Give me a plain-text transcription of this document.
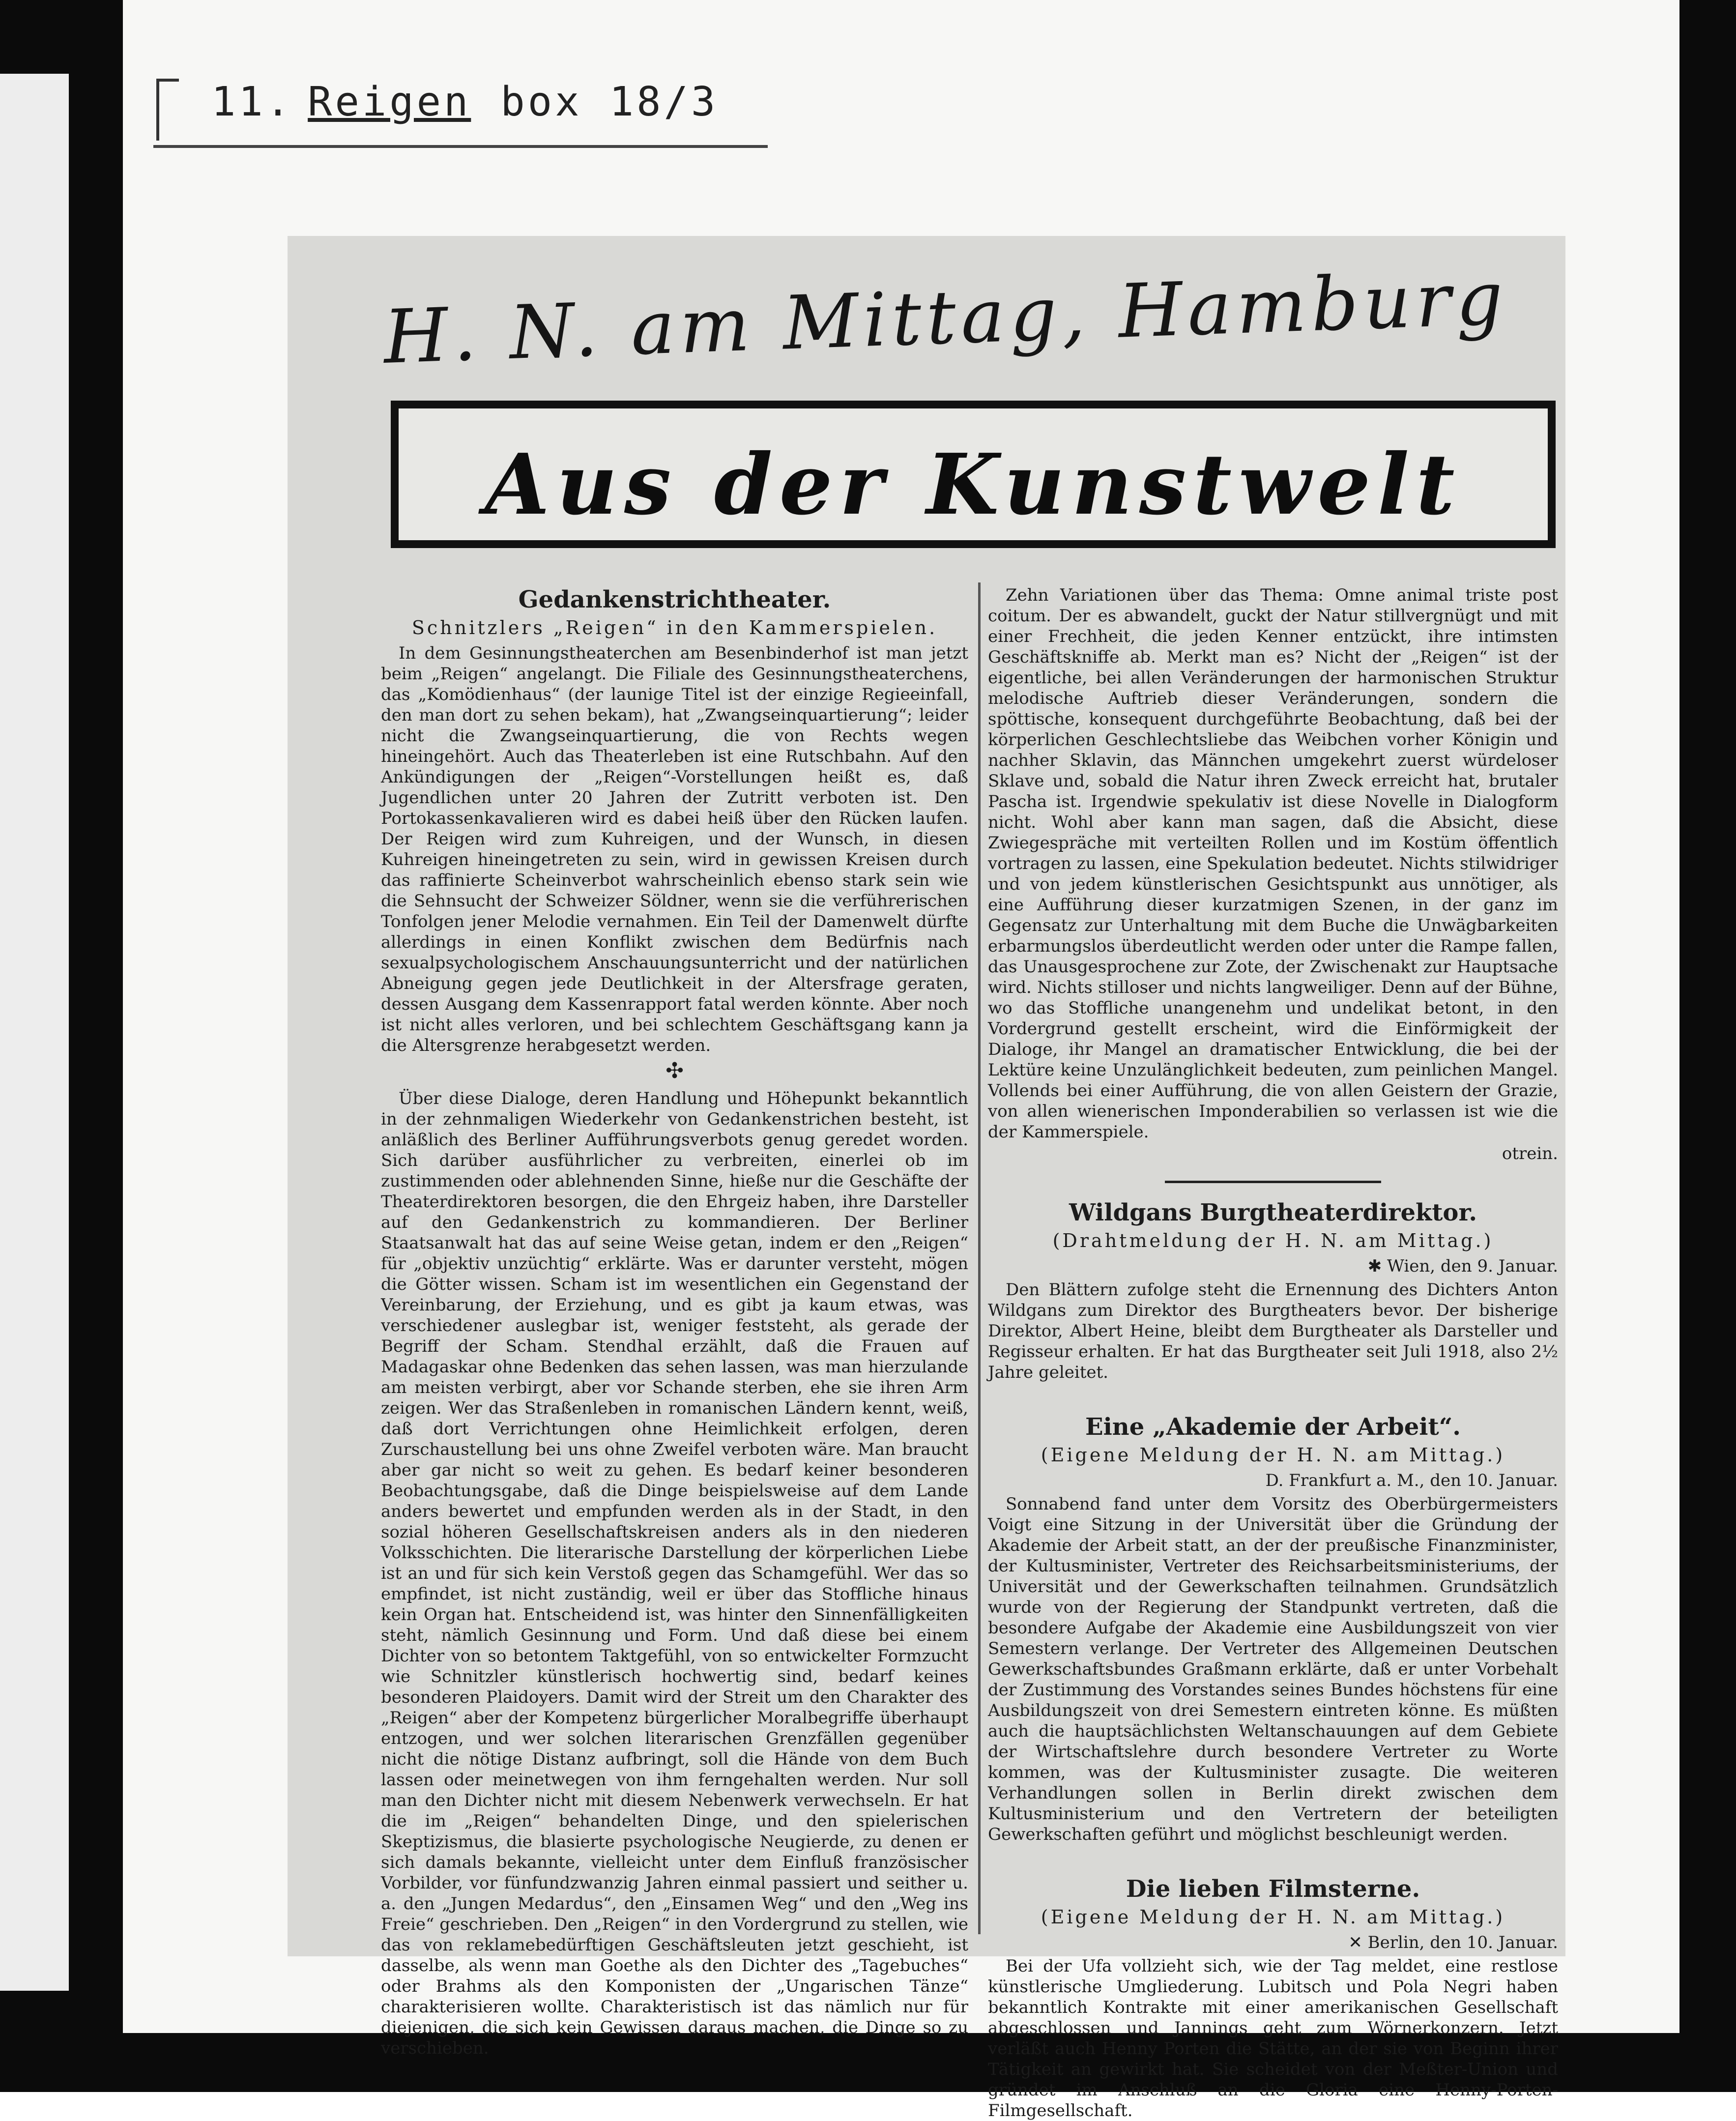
11. Reigen box 18/3
H. N. am Mittag, Hamburg
Aus der Kunstwelt
Gedankenstrichtheater.
Schnitzlers „Reigen“ in den Kammerspielen.

In dem Gesinnungstheaterchen am Besenbinderhof ist man jetzt beim „Reigen“ angelangt. Die Filiale des Gesinnungstheaterchens, das „Komödienhaus“ (der launige Titel ist der einzige Regieeinfall, den man dort zu sehen bekam), hat „Zwangseinquartierung“; leider nicht die Zwangseinquartierung, die von Rechts wegen hineingehört. Auch das Theaterleben ist eine Rutschbahn. Auf den Ankündigungen der „Reigen“-Vorstellungen heißt es, daß Jugendlichen unter 20 Jahren der Zutritt verboten ist. Den Portokassenkavalieren wird es dabei heiß über den Rücken laufen. Der Reigen wird zum Kuhreigen, und der Wunsch, in diesen Kuhreigen hineingetreten zu sein, wird in gewissen Kreisen durch das raffinierte Scheinverbot wahrscheinlich ebenso stark sein wie die Sehnsucht der Schweizer Söldner, wenn sie die verführerischen Tonfolgen jener Melodie vernahmen. Ein Teil der Damenwelt dürfte allerdings in einen Konflikt zwischen dem Bedürfnis nach sexualpsychologischem Anschauungsunterricht und der natürlichen Abneigung gegen jede Deutlichkeit in der Altersfrage geraten, dessen Ausgang dem Kassenrapport fatal werden könnte. Aber noch ist nicht alles verloren, und bei schlechtem Geschäftsgang kann ja die Altersgrenze herabgesetzt werden.

✣

Über diese Dialoge, deren Handlung und Höhepunkt bekanntlich in der zehnmaligen Wiederkehr von Gedankenstrichen besteht, ist anläßlich des Berliner Aufführungsverbots genug geredet worden. Sich darüber ausführlicher zu verbreiten, einerlei ob im zustimmenden oder ablehnenden Sinne, hieße nur die Geschäfte der Theaterdirektoren besorgen, die den Ehrgeiz haben, ihre Darsteller auf den Gedankenstrich zu kommandieren. Der Berliner Staatsanwalt hat das auf seine Weise getan, indem er den „Reigen“ für „objektiv unzüchtig“ erklärte. Was er darunter versteht, mögen die Götter wissen. Scham ist im wesentlichen ein Gegenstand der Vereinbarung, der Erziehung, und es gibt ja kaum etwas, was verschiedener auslegbar ist, weniger feststeht, als gerade der Begriff der Scham. Stendhal erzählt, daß die Frauen auf Madagaskar ohne Bedenken das sehen lassen, was man hierzulande am meisten verbirgt, aber vor Schande sterben, ehe sie ihren Arm zeigen. Wer das Straßenleben in romanischen Ländern kennt, weiß, daß dort Verrichtungen ohne Heimlichkeit erfolgen, deren Zurschaustellung bei uns ohne Zweifel verboten wäre. Man braucht aber gar nicht so weit zu gehen. Es bedarf keiner besonderen Beobachtungsgabe, daß die Dinge beispielsweise auf dem Lande anders bewertet und empfunden werden als in der Stadt, in den sozial höheren Gesellschaftskreisen anders als in den niederen Volksschichten. Die literarische Darstellung der körperlichen Liebe ist an und für sich kein Verstoß gegen das Schamgefühl. Wer das so empfindet, ist nicht zuständig, weil er über das Stoffliche hinaus kein Organ hat. Entscheidend ist, was hinter den Sinnenfälligkeiten steht, nämlich Gesinnung und Form. Und daß diese bei einem Dichter von so betontem Taktgefühl, von so entwickelter Formzucht wie Schnitzler künstlerisch hochwertig sind, bedarf keines besonderen Plaidoyers. Damit wird der Streit um den Charakter des „Reigen“ aber der Kompetenz bürgerlicher Moralbegriffe überhaupt entzogen, und wer solchen literarischen Grenzfällen gegenüber nicht die nötige Distanz aufbringt, soll die Hände von dem Buch lassen oder meinetwegen von ihm ferngehalten werden. Nur soll man den Dichter nicht mit diesem Nebenwerk verwechseln. Er hat die im „Reigen“ behandelten Dinge, und den spielerischen Skeptizismus, die blasierte psychologische Neugierde, zu denen er sich damals bekannte, vielleicht unter dem Einfluß französischer Vorbilder, vor fünfundzwanzig Jahren einmal passiert und seither u. a. den „Jungen Medardus“, den „Einsamen Weg“ und den „Weg ins Freie“ geschrieben. Den „Reigen“ in den Vordergrund zu stellen, wie das von reklamebedürftigen Geschäftsleuten jetzt geschieht, ist dasselbe, als wenn man Goethe als den Dichter des „Tagebuches“ oder Brahms als den Komponisten der „Ungarischen Tänze“ charakterisieren wollte. Charakteristisch ist das nämlich nur für diejenigen, die sich kein Gewissen daraus machen, die Dinge so zu verschieben.

Zehn Variationen über das Thema: Omne animal triste post coitum. Der es abwandelt, guckt der Natur stillvergnügt und mit einer Frechheit, die jeden Kenner entzückt, ihre intimsten Geschäftskniffe ab. Merkt man es? Nicht der „Reigen“ ist der eigentliche, bei allen Veränderungen der harmonischen Struktur melodische Auftrieb dieser Veränderungen, sondern die spöttische, konsequent durchgeführte Beobachtung, daß bei der körperlichen Geschlechtsliebe das Weibchen vorher Königin und nachher Sklavin, das Männchen umgekehrt zuerst würdeloser Sklave und, sobald die Natur ihren Zweck erreicht hat, brutaler Pascha ist. Irgendwie spekulativ ist diese Novelle in Dialogform nicht. Wohl aber kann man sagen, daß die Absicht, diese Zwiegespräche mit verteilten Rollen und im Kostüm öffentlich vortragen zu lassen, eine Spekulation bedeutet. Nichts stilwidriger und von jedem künstlerischen Gesichtspunkt aus unnötiger, als eine Aufführung dieser kurzatmigen Szenen, in der ganz im Gegensatz zur Unterhaltung mit dem Buche die Unwägbarkeiten erbarmungslos überdeutlicht werden oder unter die Rampe fallen, das Unausgesprochene zur Zote, der Zwischenakt zur Hauptsache wird. Nichts stilloser und nichts langweiliger. Denn auf der Bühne, wo das Stoffliche unangenehm und undelikat betont, in den Vordergrund gestellt erscheint, wird die Einförmigkeit der Dialoge, ihr Mangel an dramatischer Entwicklung, die bei der Lektüre keine Unzulänglichkeit bedeuten, zum peinlichen Mangel. Vollends bei einer Aufführung, die von allen Geistern der Grazie, von allen wienerischen Imponderabilien so verlassen ist wie die der Kammerspiele.

otrein.
Wildgans Burgtheaterdirektor.
(Drahtmeldung der H. N. am Mittag.)
✱ Wien, den 9. Januar.

Den Blättern zufolge steht die Ernennung des Dichters Anton Wildgans zum Direktor des Burgtheaters bevor. Der bisherige Direktor, Albert Heine, bleibt dem Burgtheater als Darsteller und Regisseur erhalten. Er hat das Burgtheater seit Juli 1918, also 2½ Jahre geleitet.

Eine „Akademie der Arbeit“.
(Eigene Meldung der H. N. am Mittag.)
D. Frankfurt a. M., den 10. Januar.

Sonnabend fand unter dem Vorsitz des Oberbürgermeisters Voigt eine Sitzung in der Universität über die Gründung der Akademie der Arbeit statt, an der der preußische Finanzminister, der Kultusminister, Vertreter des Reichsarbeitsministeriums, der Universität und der Gewerkschaften teilnahmen. Grundsätzlich wurde von der Regierung der Standpunkt vertreten, daß die besondere Aufgabe der Akademie eine Ausbildungszeit von vier Semestern verlange. Der Vertreter des Allgemeinen Deutschen Gewerkschaftsbundes Graßmann erklärte, daß er unter Vorbehalt der Zustimmung des Vorstandes seines Bundes höchstens für eine Ausbildungszeit von drei Semestern eintreten könne. Es müßten auch die hauptsächlichsten Weltanschauungen auf dem Gebiete der Wirtschaftslehre durch besondere Vertreter zu Worte kommen, was der Kultusminister zusagte. Die weiteren Verhandlungen sollen in Berlin direkt zwischen dem Kultusministerium und den Vertretern der beteiligten Gewerkschaften geführt und möglichst beschleunigt werden.

Die lieben Filmsterne.
(Eigene Meldung der H. N. am Mittag.)
✕ Berlin, den 10. Januar.

Bei der Ufa vollzieht sich, wie der Tag meldet, eine restlose künstlerische Umgliederung. Lubitsch und Pola Negri haben bekanntlich Kontrakte mit einer amerikanischen Gesellschaft abgeschlossen und Jannings geht zum Wörnerkonzern. Jetzt verläßt auch Henny Porten die Stätte, an der sie von Beginn ihrer Tätigkeit an gewirkt hat. Sie scheidet von der Meßter-Union und gründet im Anschluß an die Gloria eine Henny-Porten-Filmgesellschaft.
